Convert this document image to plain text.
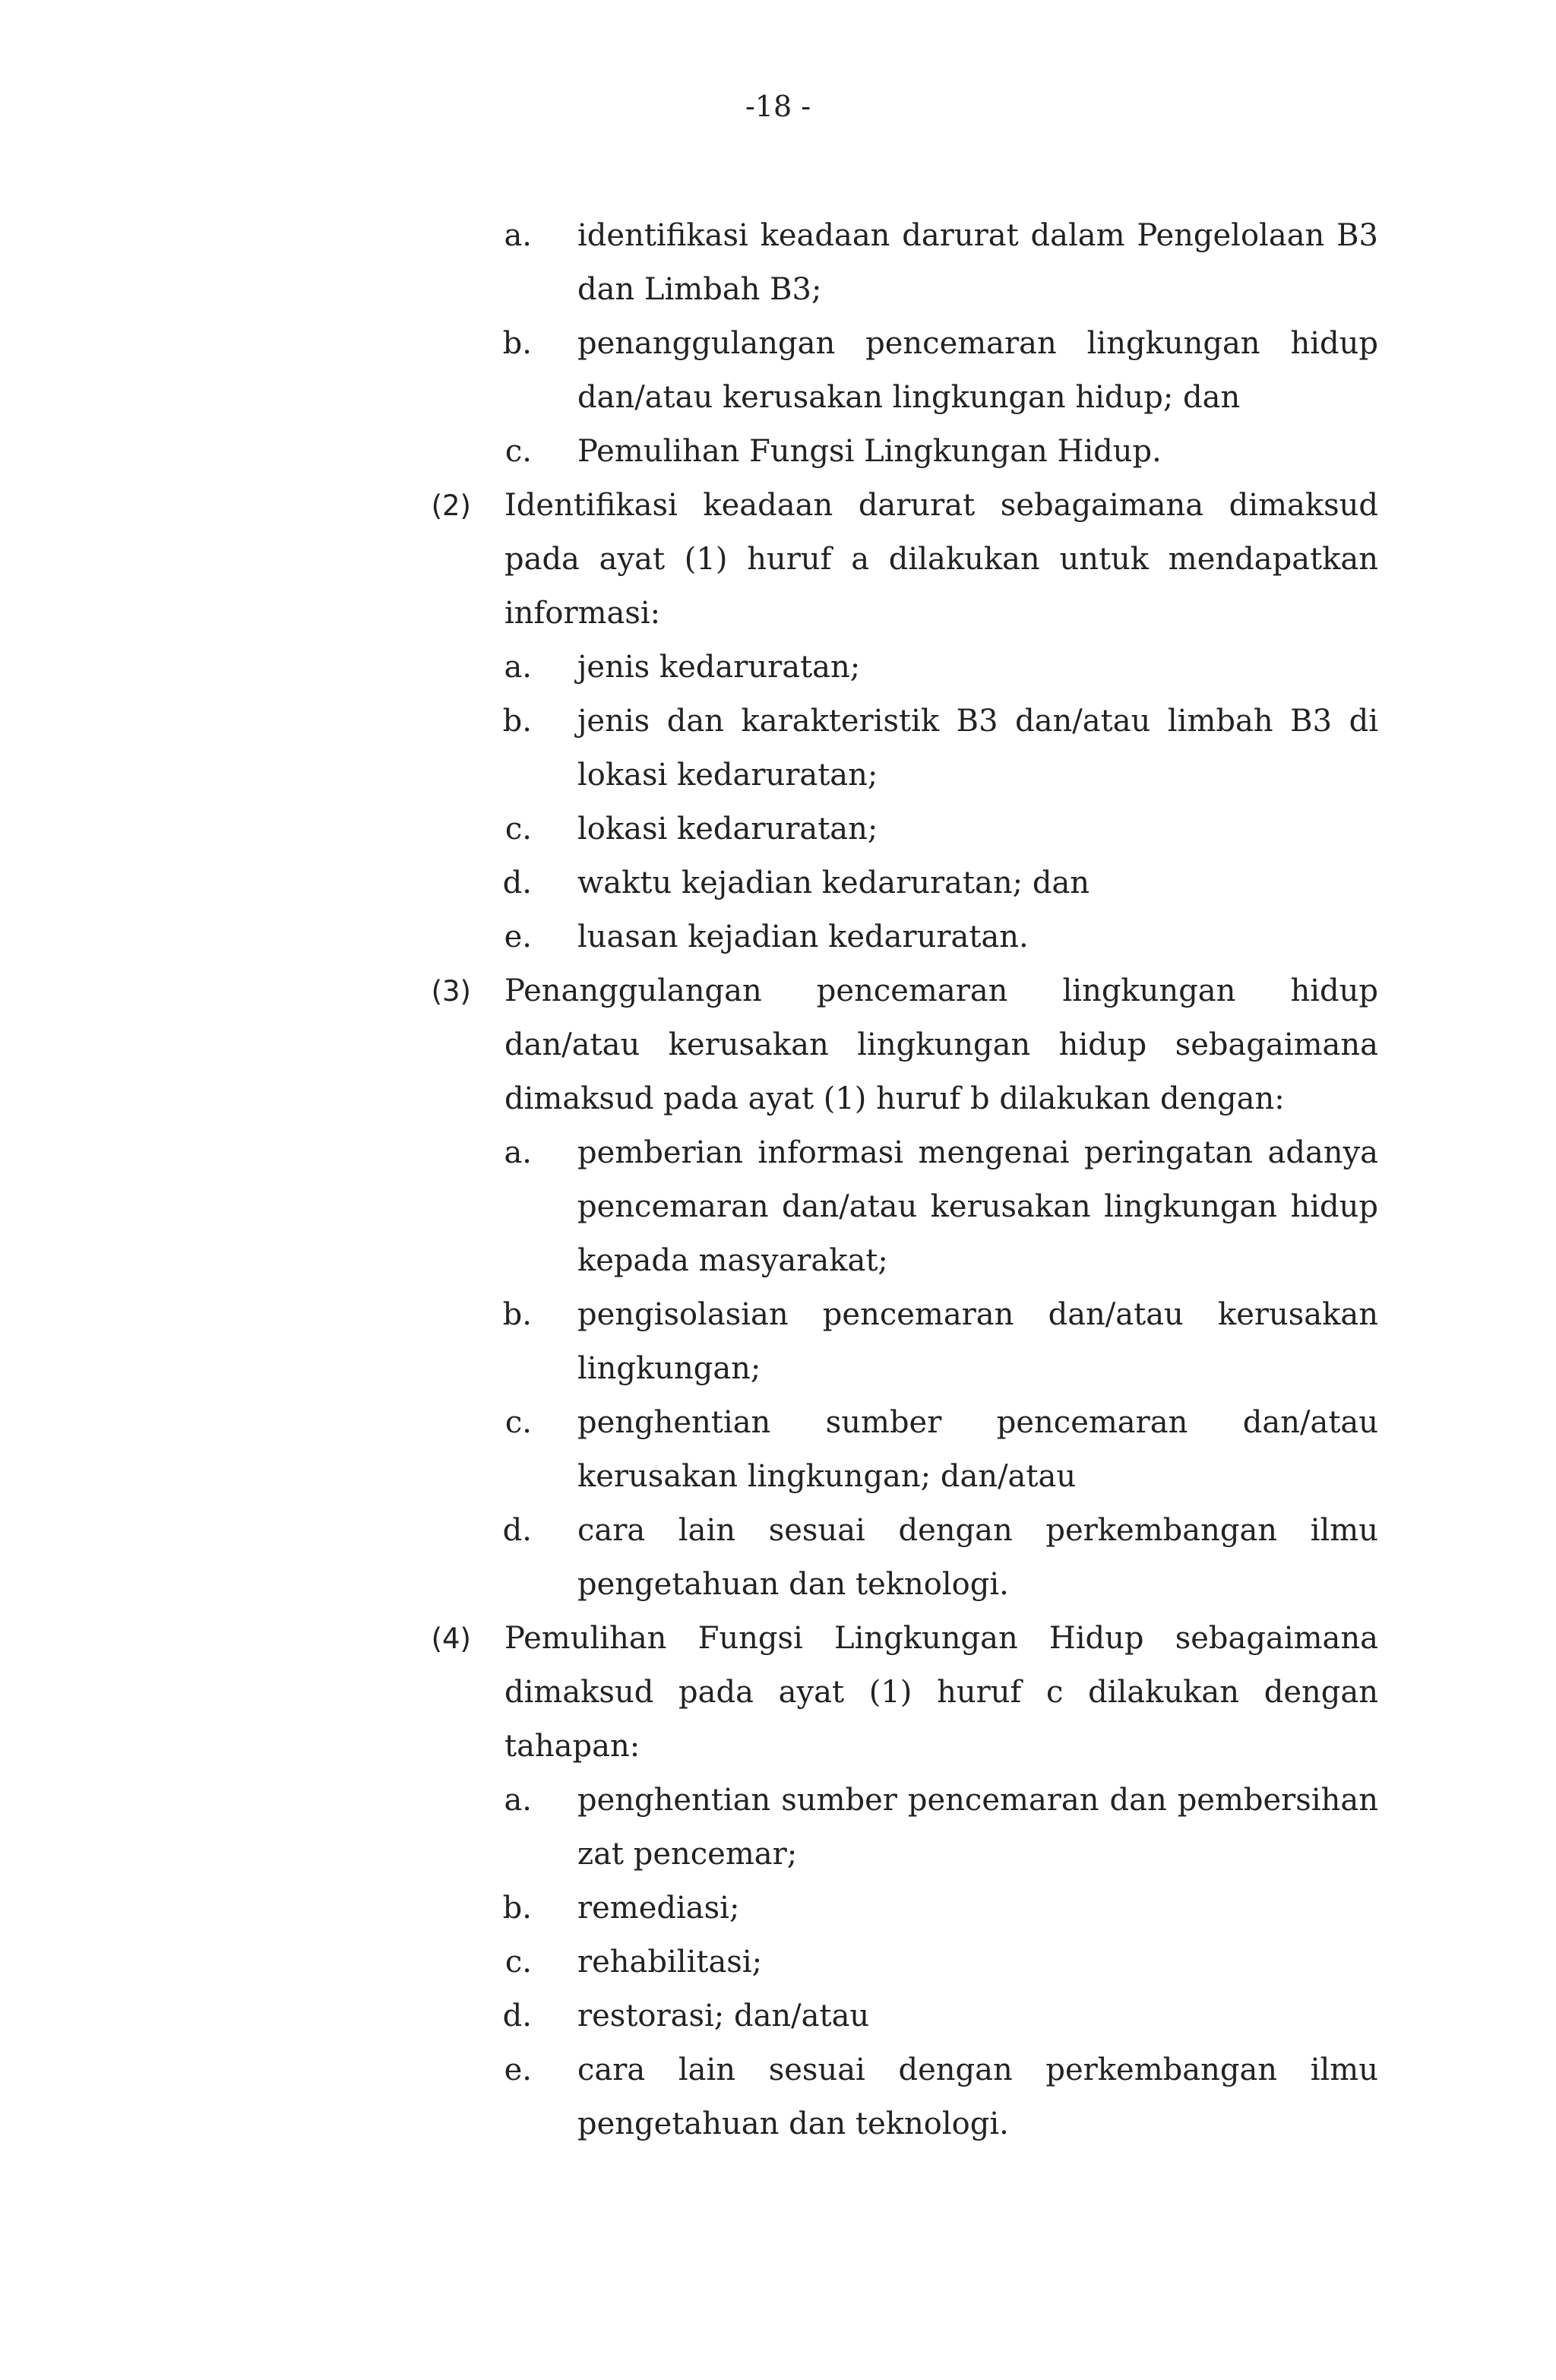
-18 -
a. identifikasi keadaan darurat dalam Pengelolaan B3 dan Limbah B3;
b. penanggulangan pencemaran lingkungan hidup dan/atau kerusakan lingkungan hidup; dan
c. Pemulihan Fungsi Lingkungan Hidup.
(2) Identifikasi keadaan darurat sebagaimana dimaksud pada ayat (1) huruf a dilakukan untuk mendapatkan informasi:
a. jenis kedaruratan;
b. jenis dan karakteristik B3 dan/atau limbah B3 di lokasi kedaruratan;
c. lokasi kedaruratan;
d. waktu kejadian kedaruratan; dan
e. luasan kejadian kedaruratan.
(3) Penanggulangan pencemaran lingkungan hidup dan/atau kerusakan lingkungan hidup sebagaimana dimaksud pada ayat (1) huruf b dilakukan dengan:
a. pemberian informasi mengenai peringatan adanya pencemaran dan/atau kerusakan lingkungan hidup kepada masyarakat;
b. pengisolasian pencemaran dan/atau kerusakan lingkungan;
c. penghentian sumber pencemaran dan/atau kerusakan lingkungan; dan/atau
d. cara lain sesuai dengan perkembangan ilmu pengetahuan dan teknologi.
(4) Pemulihan Fungsi Lingkungan Hidup sebagaimana dimaksud pada ayat (1) huruf c dilakukan dengan tahapan:
a. penghentian sumber pencemaran dan pembersihan zat pencemar;
b. remediasi;
c. rehabilitasi;
d. restorasi; dan/atau
e. cara lain sesuai dengan perkembangan ilmu pengetahuan dan teknologi.
